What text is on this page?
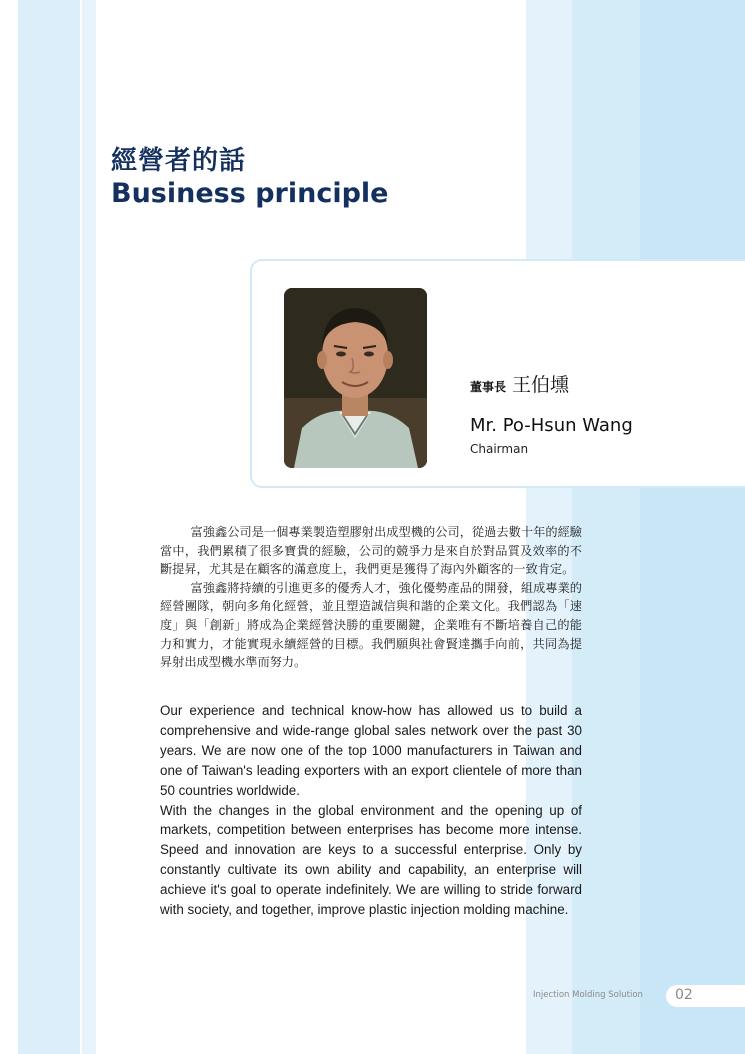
經營者的話
Business principle
董事長 王伯壎
Mr. Po-Hsun Wang
Chairman

富強鑫公司是一個專業製造塑膠射出成型機的公司，從過去數十年的經驗當中，我們累積了很多寶貴的經驗，公司的競爭力是來自於對品質及效率的不斷提昇，尤其是在顧客的滿意度上，我們更是獲得了海內外顧客的一致肯定。

富強鑫將持續的引進更多的優秀人才，強化優勢產品的開發，組成專業的經營團隊，朝向多角化經營，並且塑造誠信與和諧的企業文化。我們認為「速度」與「創新」將成為企業經營決勝的重要關鍵，企業唯有不斷培養自己的能力和實力，才能實現永續經營的目標。我們願與社會賢達攜手向前，共同為提昇射出成型機水準而努力。

Our experience and technical know-how has allowed us to build a comprehensive and wide-range global sales network over the past 30 years. We are now one of the top 1000 manufacturers in Taiwan and one of Taiwan's leading exporters with an export clientele of more than 50 countries worldwide.

With the changes in the global environment and the opening up of markets, competition between enterprises has become more intense. Speed and innovation are keys to a successful enterprise. Only by constantly cultivate its own ability and capability, an enterprise will achieve it's goal to operate indefinitely. We are willing to stride forward with society, and together, improve plastic injection molding machine.

Injection Molding Solution 02
